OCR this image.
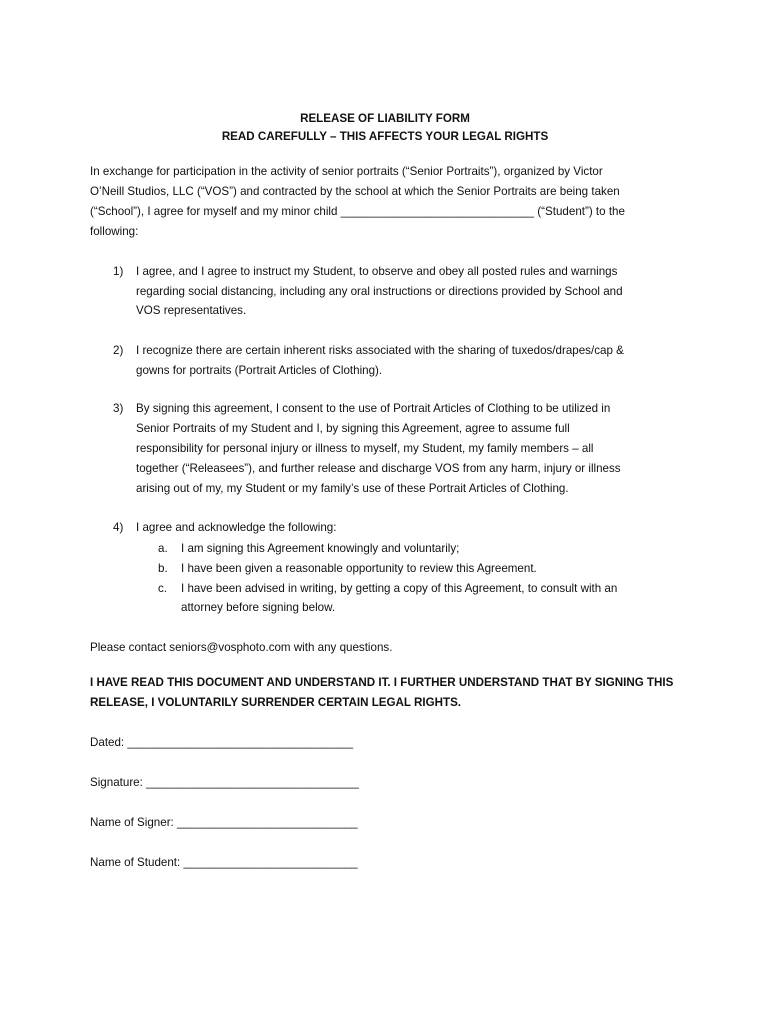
RELEASE OF LIABILITY FORM
READ CAREFULLY – THIS AFFECTS YOUR LEGAL RIGHTS
In exchange for participation in the activity of senior portraits (“Senior Portraits”), organized by Victor
O’Neill Studios, LLC (“VOS”) and contracted by the school at which the Senior Portraits are being taken
(“School”), I agree for myself and my minor child ______________________________ (“Student”) to the
following:
1) I agree, and I agree to instruct my Student, to observe and obey all posted rules and warnings
regarding social distancing, including any oral instructions or directions provided by School and
VOS representatives.
2) I recognize there are certain inherent risks associated with the sharing of tuxedos/drapes/cap &
gowns for portraits (Portrait Articles of Clothing).
3) By signing this agreement, I consent to the use of Portrait Articles of Clothing to be utilized in
Senior Portraits of my Student and I, by signing this Agreement, agree to assume full
responsibility for personal injury or illness to myself, my Student, my family members – all
together (“Releasees”), and further release and discharge VOS from any harm, injury or illness
arising out of my, my Student or my family’s use of these Portrait Articles of Clothing.
4) I agree and acknowledge the following:
a. I am signing this Agreement knowingly and voluntarily;
b. I have been given a reasonable opportunity to review this Agreement.
c. I have been advised in writing, by getting a copy of this Agreement, to consult with an
attorney before signing below.
Please contact seniors@vosphoto.com with any questions.
I HAVE READ THIS DOCUMENT AND UNDERSTAND IT. I FURTHER UNDERSTAND THAT BY SIGNING THIS
RELEASE, I VOLUNTARILY SURRENDER CERTAIN LEGAL RIGHTS.
Dated: ___________________________________
Signature: _________________________________
Name of Signer: ____________________________
Name of Student: ___________________________
